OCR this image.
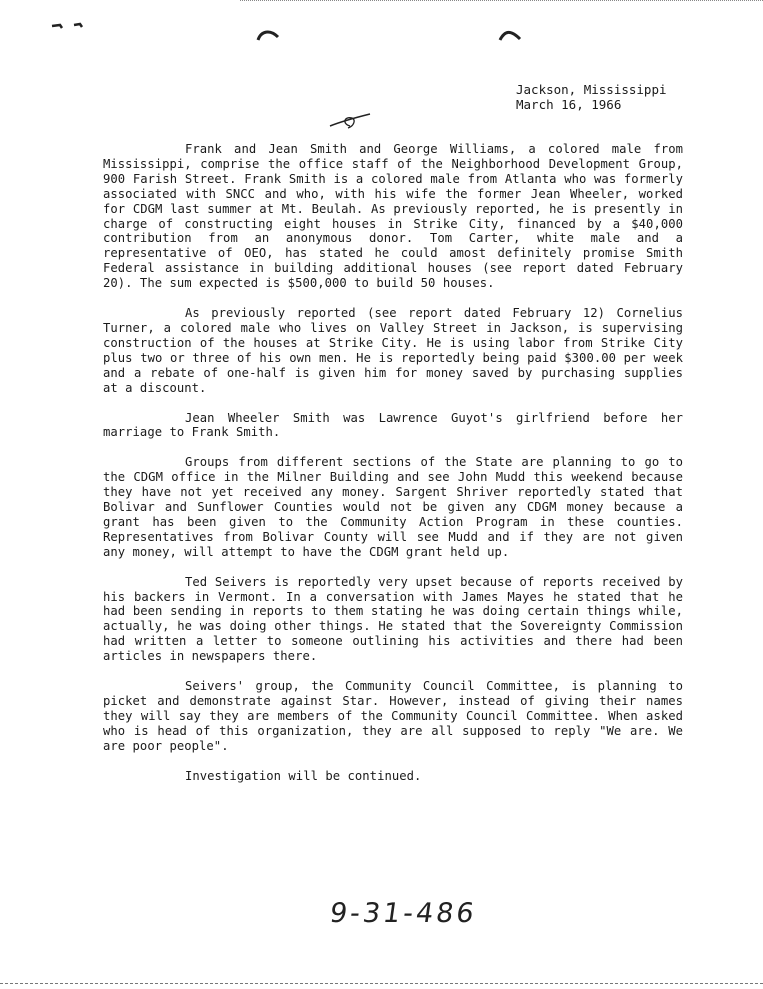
Jackson, Mississippi
March 16, 1966

Frank and Jean Smith and George Williams, a colored male from Mississippi, comprise the office staff of the Neighborhood Development Group, 900 Farish Street. Frank Smith is a colored male from Atlanta who was formerly associated with SNCC and who, with his wife the former Jean Wheeler, worked for CDGM last summer at Mt. Beulah. As previously reported, he is presently in charge of constructing eight houses in Strike City, financed by a $40,000 contribution from an anonymous donor. Tom Carter, white male and a representative of OEO, has stated he could amost definitely promise Smith Federal assistance in building additional houses (see report dated February 20). The sum expected is $500,000 to build 50 houses.

As previously reported (see report dated February 12) Cornelius Turner, a colored male who lives on Valley Street in Jackson, is supervising construction of the houses at Strike City. He is using labor from Strike City plus two or three of his own men. He is reportedly being paid $300.00 per week and a rebate of one-half is given him for money saved by purchasing supplies at a discount.

Jean Wheeler Smith was Lawrence Guyot's girlfriend before her marriage to Frank Smith.

Groups from different sections of the State are planning to go to the CDGM office in the Milner Building and see John Mudd this weekend because they have not yet received any money. Sargent Shriver reportedly stated that Bolivar and Sunflower Counties would not be given any CDGM money because a grant has been given to the Community Action Program in these counties. Representatives from Bolivar County will see Mudd and if they are not given any money, will attempt to have the CDGM grant held up.

Ted Seivers is reportedly very upset because of reports received by his backers in Vermont. In a conversation with James Mayes he stated that he had been sending in reports to them stating he was doing certain things while, actually, he was doing other things. He stated that the Sovereignty Commission had written a letter to someone outlining his activities and there had been articles in newspapers there.

Seivers' group, the Community Council Committee, is planning to picket and demonstrate against Star. However, instead of giving their names they will say they are members of the Community Council Committee. When asked who is head of this organization, they are all supposed to reply "We are. We are poor people".

Investigation will be continued.

9-31-486
